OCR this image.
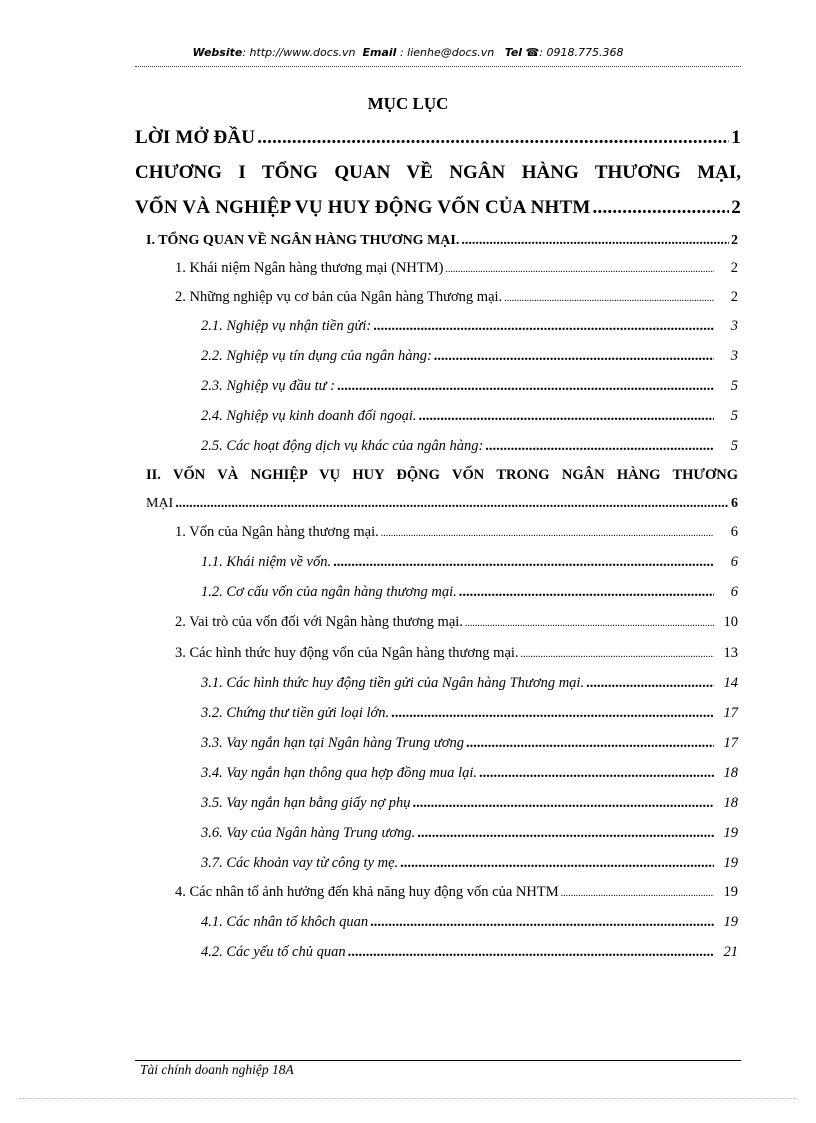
Website: http://www.docs.vn Email : lienhe@docs.vn Tel ☎: 0918.775.368
MỤC LỤC
LỜI MỞ ĐẦU .....	1
CHƯƠNG I TỔNG QUAN VỀ NGÂN HÀNG THƯƠNG MẠI,
VỐN VÀ NGHIỆP VỤ HUY ĐỘNG VỐN CỦA NHTM .....	2
I. TỔNG QUAN VỀ NGÂN HÀNG THƯƠNG MẠI. .....	2
1. Khái niệm Ngân hàng thương mại (NHTM) .....	2
2. Những nghiệp vụ cơ bản của Ngân hàng Thương mại. .....	2
2.1. Nghiệp vụ nhận tiền gửi: .....	3
2.2. Nghiệp vụ tín dụng của ngân hàng: .....	3
2.3. Nghiệp vụ đầu tư : .....	5
2.4. Nghiệp vụ kinh doanh đối ngoại. .....	5
2.5. Các hoạt động dịch vụ khác của ngân hàng: .....	5
II. VỐN VÀ NGHIỆP VỤ HUY ĐỘNG VỐN TRONG NGÂN HÀNG THƯƠNG
MẠI .....	6
1. Vốn của Ngân hàng thương mại. .....	6
1.1. Khái niệm về vốn. .....	6
1.2. Cơ cấu vốn của ngân hàng thương mại. .....	6
2. Vai trò của vốn đối với Ngân hàng thương mại. .....	10
3. Các hình thức huy động vốn của Ngân hàng thương mại. .....	13
3.1. Các hình thức huy động tiền gửi của Ngân hàng Thương mại. .....	14
3.2. Chứng thư tiền gửi loại lớn. .....	17
3.3. Vay ngắn hạn tại Ngân hàng Trung ương .....	17
3.4. Vay ngắn hạn thông qua hợp đồng mua lại. .....	18
3.5. Vay ngắn hạn bằng giấy nợ phụ .....	18
3.6. Vay của Ngân hàng Trung ương. .....	19
3.7. Các khoản vay từ công ty mẹ. .....	19
4. Các nhân tố ảnh hưởng đến khả năng huy động vốn của NHTM .....	19
4.1. Các nhân tố khôch quan .....	19
4.2. Các yếu tố chủ quan .....	21
Tài chính doanh nghiệp 18A
